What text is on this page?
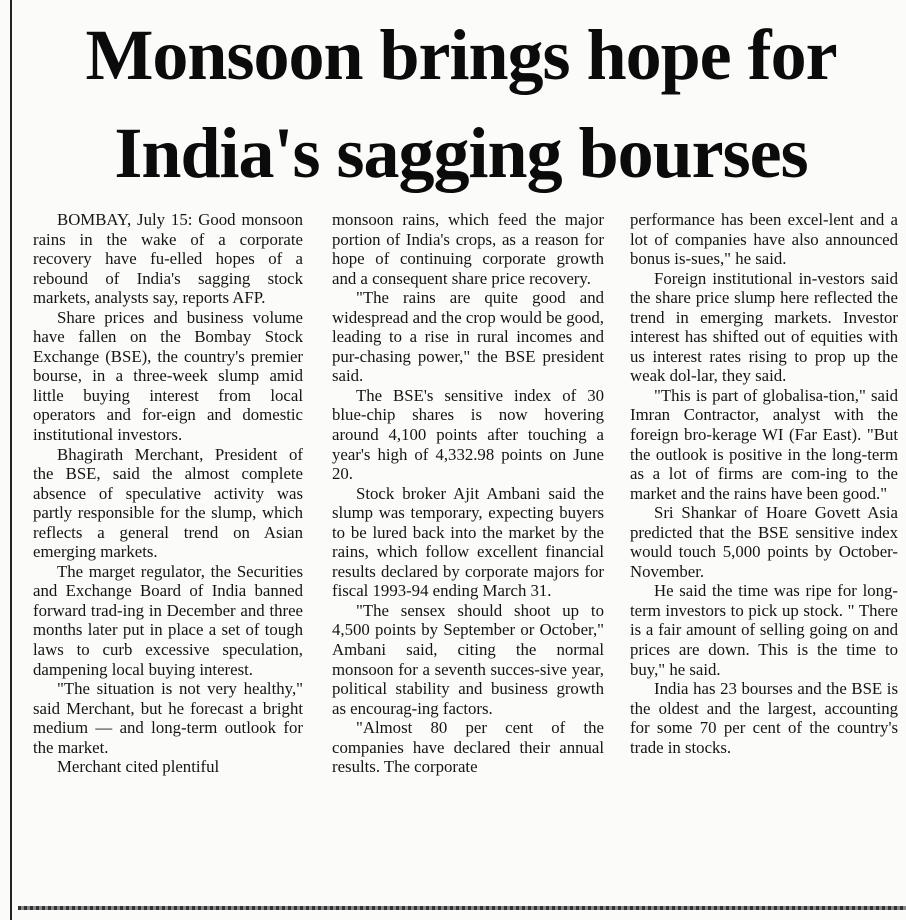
Monsoon brings hope for India's sagging bourses

BOMBAY, July 15: Good monsoon rains in the wake of a corporate recovery have fu-elled hopes of a rebound of India's sagging stock markets, analysts say, reports AFP.

Share prices and business volume have fallen on the Bombay Stock Exchange (BSE), the country's premier bourse, in a three-week slump amid little buying interest from local operators and for-eign and domestic institutional investors.

Bhagirath Merchant, President of the BSE, said the almost complete absence of speculative activity was partly responsible for the slump, which reflects a general trend on Asian emerging markets.

The marget regulator, the Securities and Exchange Board of India banned forward trad-ing in December and three months later put in place a set of tough laws to curb excessive speculation, dampening local buying interest.

"The situation is not very healthy," said Merchant, but he forecast a bright medium — and long-term outlook for the market.

Merchant cited plentiful

monsoon rains, which feed the major portion of India's crops, as a reason for hope of continuing corporate growth and a consequent share price recovery.

"The rains are quite good and widespread and the crop would be good, leading to a rise in rural incomes and pur-chasing power," the BSE president said.

The BSE's sensitive index of 30 blue-chip shares is now hovering around 4,100 points after touching a year's high of 4,332.98 points on June 20.

Stock broker Ajit Ambani said the slump was temporary, expecting buyers to be lured back into the market by the rains, which follow excellent financial results declared by corporate majors for fiscal 1993-94 ending March 31.

"The sensex should shoot up to 4,500 points by September or October," Ambani said, citing the normal monsoon for a seventh succes-sive year, political stability and business growth as encourag-ing factors.

"Almost 80 per cent of the companies have declared their annual results. The corporate

performance has been excel-lent and a lot of companies have also announced bonus is-sues," he said.

Foreign institutional in-vestors said the share price slump here reflected the trend in emerging markets. Investor interest has shifted out of equities with us interest rates rising to prop up the weak dol-lar, they said.

"This is part of globalisa-tion," said Imran Contractor, analyst with the foreign bro-kerage WI (Far East). "But the outlook is positive in the long-term as a lot of firms are com-ing to the market and the rains have been good."

Sri Shankar of Hoare Govett Asia predicted that the BSE sensitive index would touch 5,000 points by October-November.

He said the time was ripe for long-term investors to pick up stock. " There is a fair amount of selling going on and prices are down. This is the time to buy," he said.

India has 23 bourses and the BSE is the oldest and the largest, accounting for some 70 per cent of the country's trade in stocks.
